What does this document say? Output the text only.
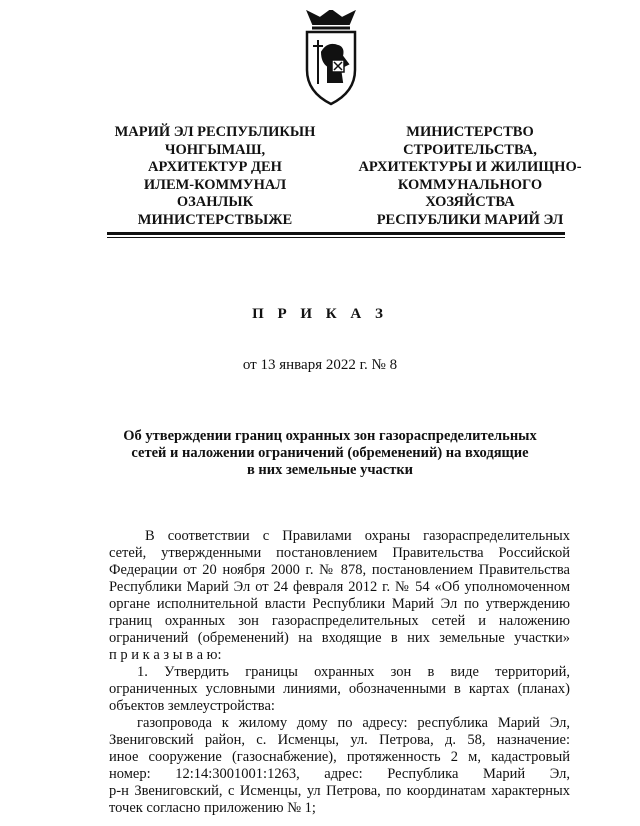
МАРИЙ ЭЛ РЕСПУБЛИКЫН
ЧОНГЫМАШ,
АРХИТЕКТУР ДЕН
ИЛЕМ-КОММУНАЛ
ОЗАНЛЫК
МИНИСТЕРСТВЫЖЕ
МИНИСТЕРСТВО
СТРОИТЕЛЬСТВА,
АРХИТЕКТУРЫ И ЖИЛИЩНО-
КОММУНАЛЬНОГО
ХОЗЯЙСТВА
РЕСПУБЛИКИ МАРИЙ ЭЛ
П Р И К А З
от 13 января 2022 г. № 8
Об утверждении границ охранных зон газораспределительных
сетей и наложении ограничений (обременений) на входящие
в них земельные участки
В соответствии с Правилами охраны газораспределительных
сетей, утвержденными постановлением Правительства Российской
Федерации от 20 ноября 2000 г. № 878, постановлением Правительства
Республики Марий Эл от 24 февраля 2012 г. № 54 «Об уполномоченном
органе исполнительной власти Республики Марий Эл по утверждению
границ охранных зон газораспределительных сетей и наложению
ограничений (обременений) на входящие в них земельные участки»
п р и к а з ы в а ю:
1. Утвердить границы охранных зон в виде территорий,
ограниченных условными линиями, обозначенными в картах (планах)
объектов землеустройства:
газопровода к жилому дому по адресу: республика Марий Эл,
Звениговский район, с. Исменцы, ул. Петрова, д. 58, назначение:
иное сооружение (газоснабжение), протяженность 2 м, кадастровый
номер: 12:14:3001001:1263, адрес: Республика Марий Эл,
р-н Звениговский, с Исменцы, ул Петрова, по координатам характерных
точек согласно приложению № 1;
